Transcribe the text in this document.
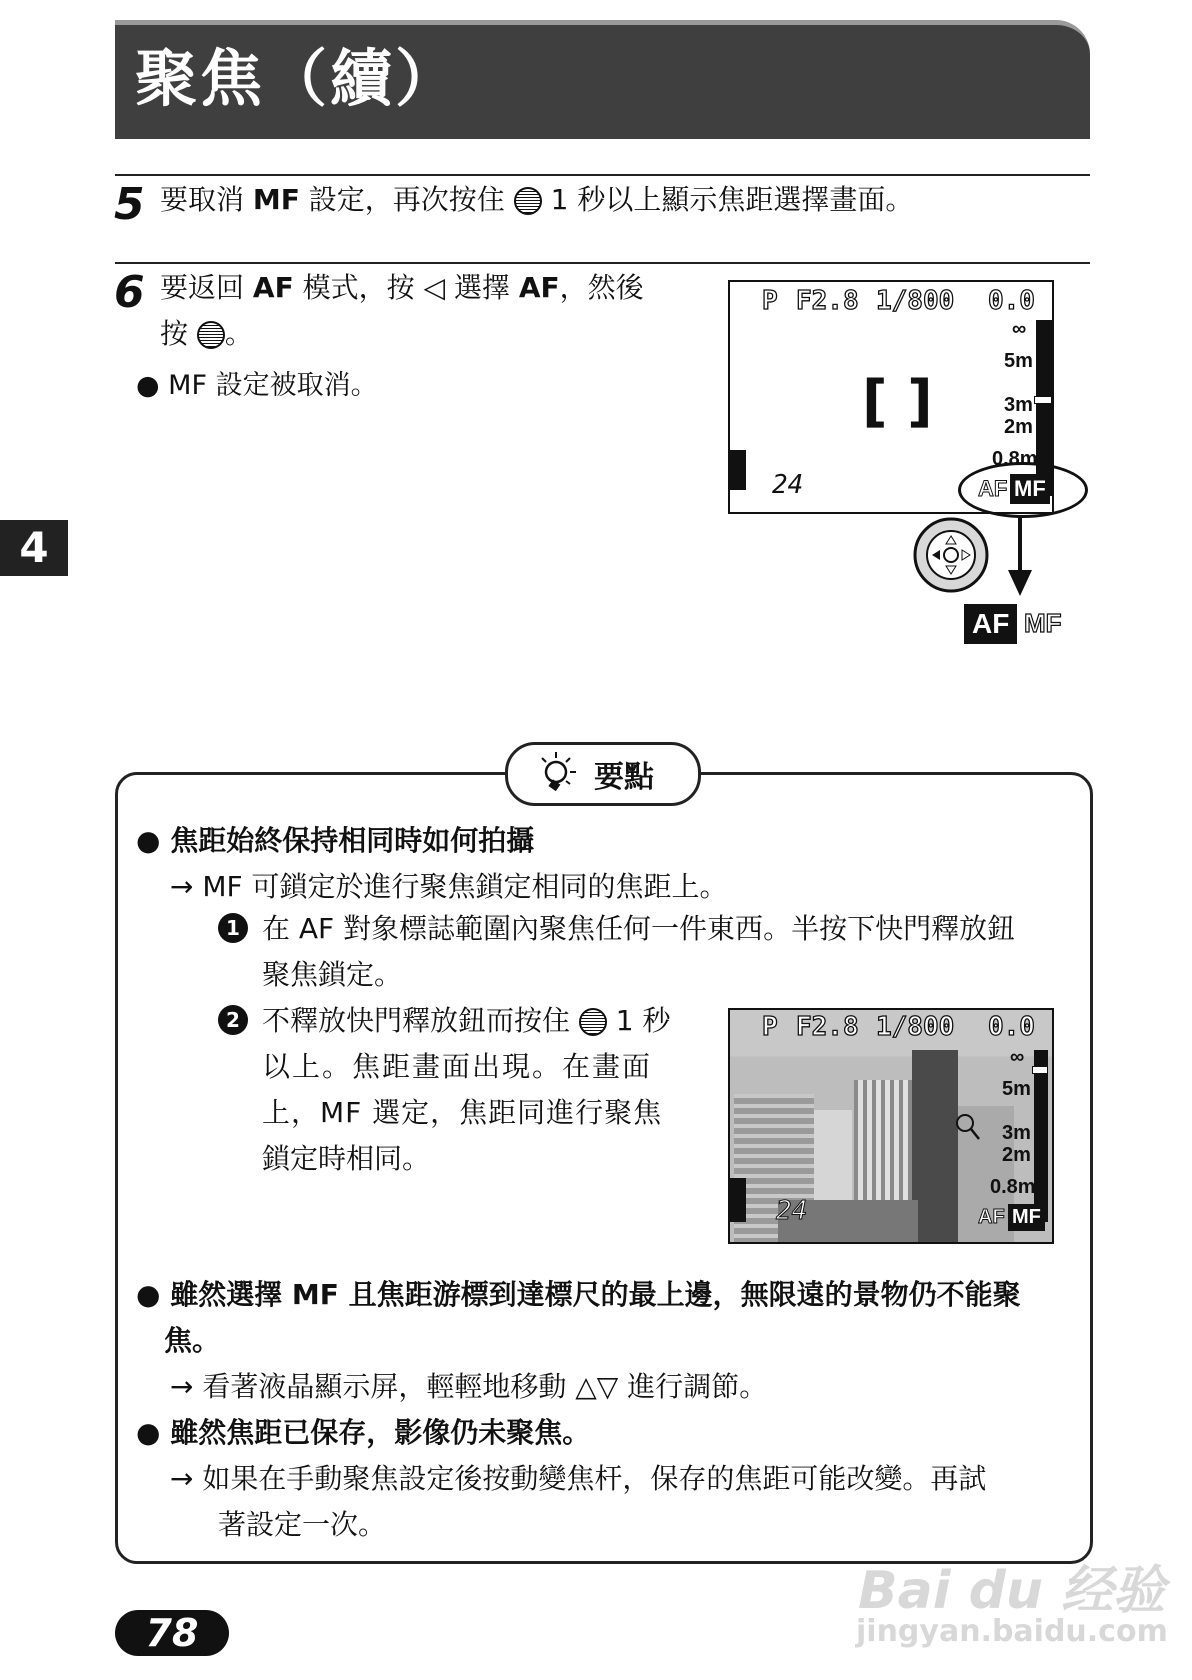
聚焦（續）
4
5 要取消 MF 設定，再次按住  1 秒以上顯示焦距選擇畫面。
6 要返回 AF 模式，按 ◁ 選擇 AF，然後
按 。
● MF 設定被取消。
P F2.8 1/800 0.0
[ ]
∞
5m
3m
2m
0.8m
24	AF MF
AF MF
要點
● 焦距始終保持相同時如何拍攝
→ MF 可鎖定於進行聚焦鎖定相同的焦距上。
1 在 AF 對象標誌範圍內聚焦任何一件東西。半按下快門釋放鈕
聚焦鎖定。
2 不釋放快門釋放鈕而按住  1 秒
以上。焦距畫面出現。在畫面
上，MF 選定，焦距同進行聚焦
鎖定時相同。
P F2.8 1/800 0.0
∞
5m
3m
2m
0.8m
24	AF MF
● 雖然選擇 MF 且焦距游標到達標尺的最上邊，無限遠的景物仍不能聚
焦。
→ 看著液晶顯示屏，輕輕地移動 △▽ 進行調節。
● 雖然焦距已保存，影像仍未聚焦。
→ 如果在手動聚焦設定後按動變焦杆，保存的焦距可能改變。再試
著設定一次。
78
Bai du 经验
jingyan.baidu.com
